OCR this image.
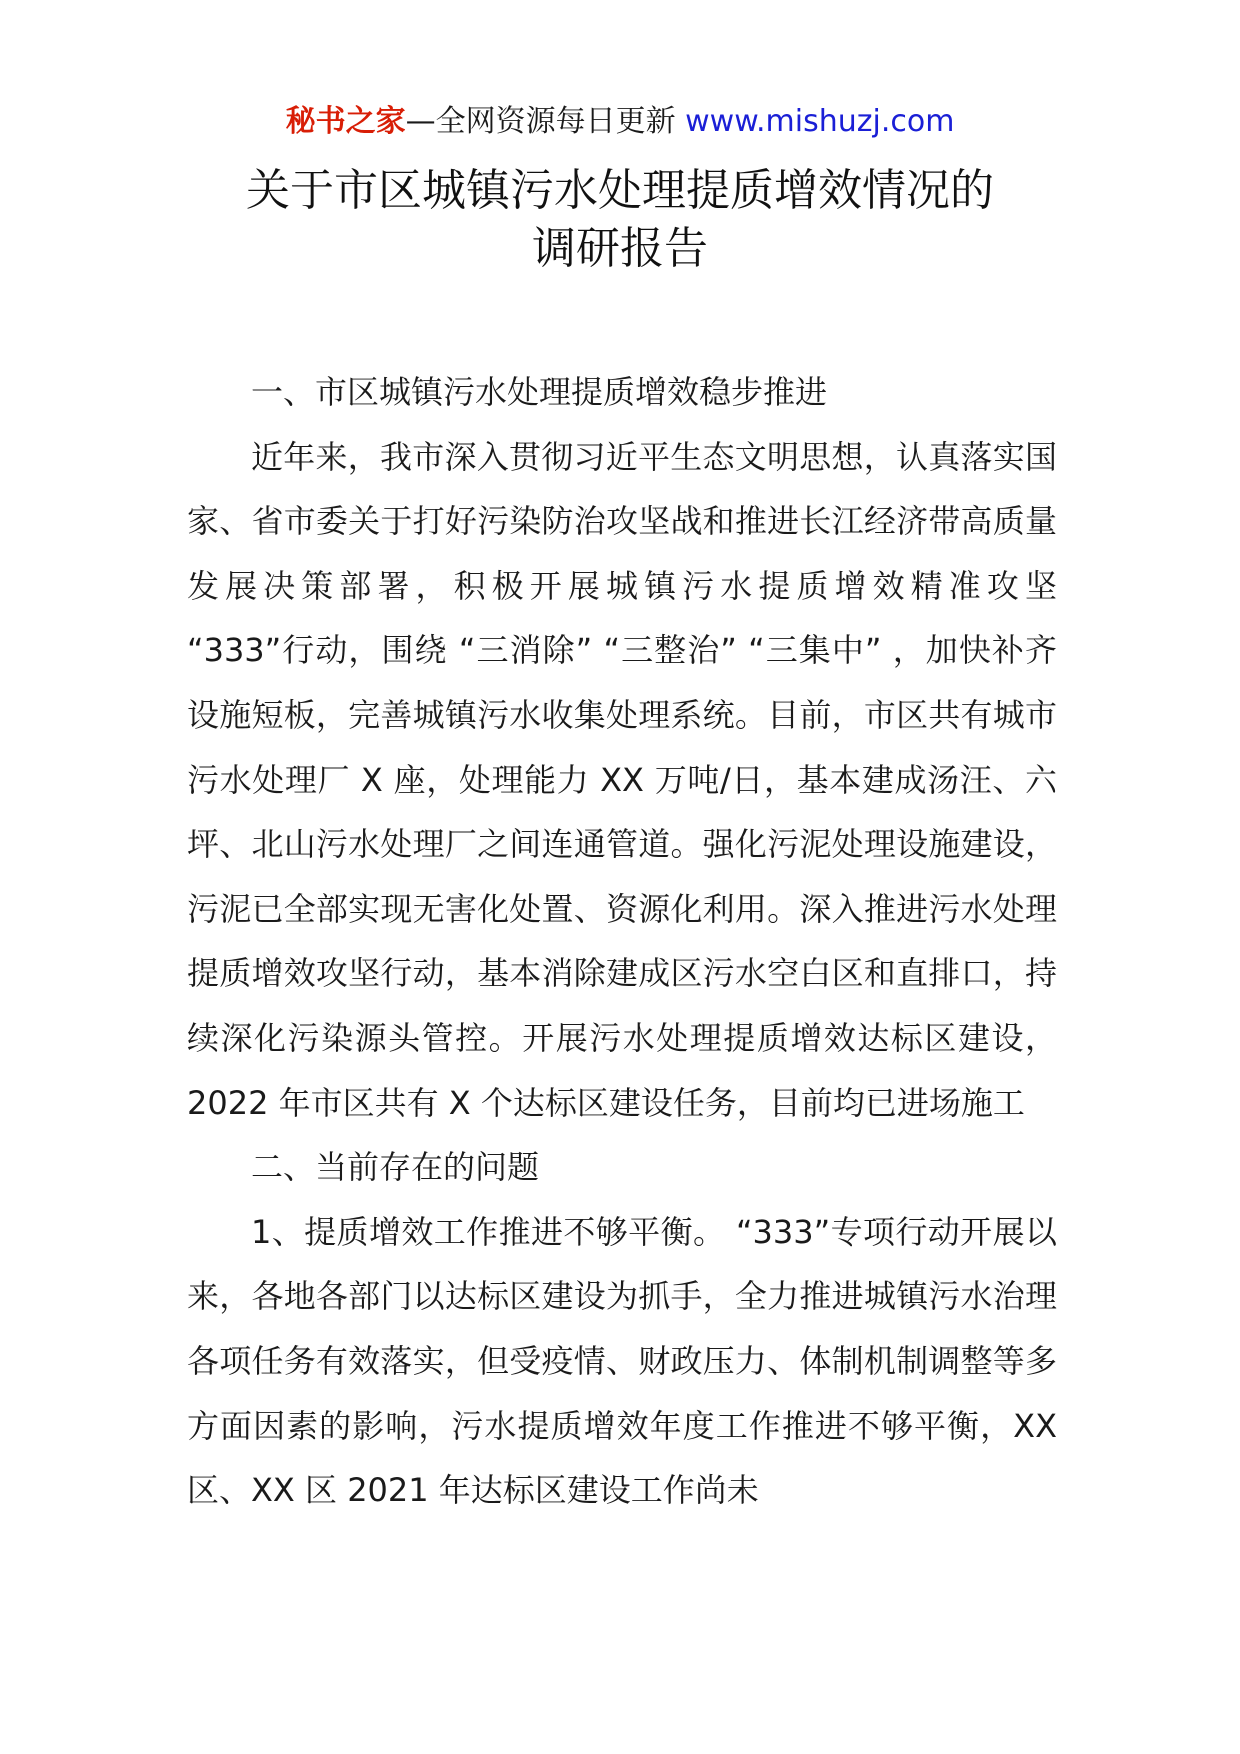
秘书之家—全网资源每日更新 www.mishuzj.com
关于市区城镇污水处理提质增效情况的
调研报告

一、市区城镇污水处理提质增效稳步推进

近年来，我市深入贯彻习近平生态文明思想，认真落实国家、省市委关于打好污染防治攻坚战和推进长江经济带高质量发展决策部署，积极开展城镇污水提质增效精准攻坚 “333”行动，围绕 “三消除” “三整治” “三集中” ，加快补齐设施短板，完善城镇污水收集处理系统。目前，市区共有城市污水处理厂 X 座，处理能力 XX 万吨/日，基本建成汤汪、六坪、北山污水处理厂之间连通管道。强化污泥处理设施建设，污泥已全部实现无害化处置、资源化利用。深入推进污水处理提质增效攻坚行动，基本消除建成区污水空白区和直排口，持续深化污染源头管控。开展污水处理提质增效达标区建设，2022 年市区共有 X 个达标区建设任务，目前均已进场施工

二、当前存在的问题

1、提质增效工作推进不够平衡。 “333”专项行动开展以来，各地各部门以达标区建设为抓手，全力推进城镇污水治理各项任务有效落实，但受疫情、财政压力、体制机制调整等多方面因素的影响，污水提质增效年度工作推进不够平衡，XX 区、XX 区 2021 年达标区建设工作尚未
